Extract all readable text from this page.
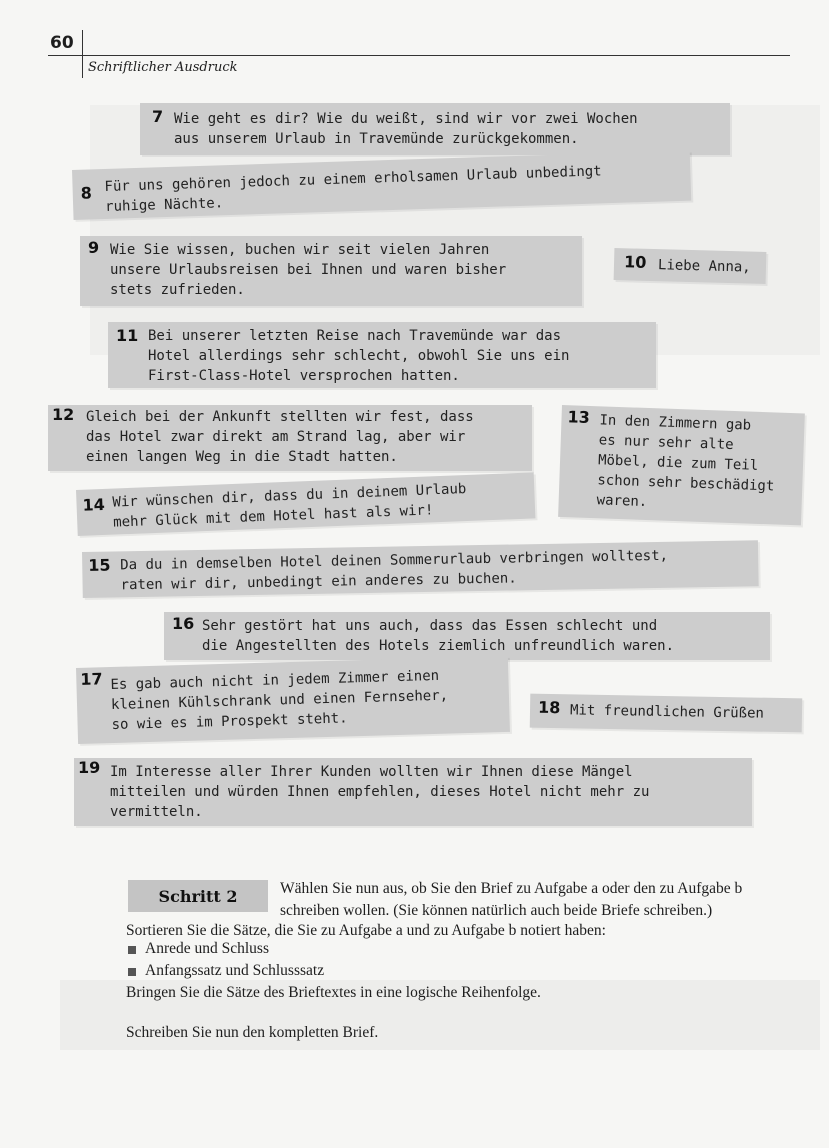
60
Schriftlicher Ausdruck
7 Wie geht es dir? Wie du weißt, sind wir vor zwei Wochen
aus unserem Urlaub in Travemünde zurückgekommen.
8 Für uns gehören jedoch zu einem erholsamen Urlaub unbedingt
ruhige Nächte.
9 Wie Sie wissen, buchen wir seit vielen Jahren
unsere Urlaubsreisen bei Ihnen und waren bisher
stets zufrieden.
10 Liebe Anna,
11 Bei unserer letzten Reise nach Travemünde war das
Hotel allerdings sehr schlecht, obwohl Sie uns ein
First-Class-Hotel versprochen hatten.
12 Gleich bei der Ankunft stellten wir fest, dass
das Hotel zwar direkt am Strand lag, aber wir
einen langen Weg in die Stadt hatten.
13 In den Zimmern gab
es nur sehr alte
Möbel, die zum Teil
schon sehr beschädigt
waren.
14 Wir wünschen dir, dass du in deinem Urlaub
mehr Glück mit dem Hotel hast als wir!
15 Da du in demselben Hotel deinen Sommerurlaub verbringen wolltest,
raten wir dir, unbedingt ein anderes zu buchen.
16 Sehr gestört hat uns auch, dass das Essen schlecht und
die Angestellten des Hotels ziemlich unfreundlich waren.
17 Es gab auch nicht in jedem Zimmer einen
kleinen Kühlschrank und einen Fernseher,
so wie es im Prospekt steht.
18 Mit freundlichen Grüßen
19 Im Interesse aller Ihrer Kunden wollten wir Ihnen diese Mängel
mitteilen und würden Ihnen empfehlen, dieses Hotel nicht mehr zu
vermitteln.
Schritt 2	Wählen Sie nun aus, ob Sie den Brief zu Aufgabe a oder den zu Aufgabe b
schreiben wollen. (Sie können natürlich auch beide Briefe schreiben.)
Sortieren Sie die Sätze, die Sie zu Aufgabe a und zu Aufgabe b notiert haben:
Anrede und Schluss
Anfangssatz und Schlusssatz
Bringen Sie die Sätze des Brieftextes in eine logische Reihenfolge.
Schreiben Sie nun den kompletten Brief.
